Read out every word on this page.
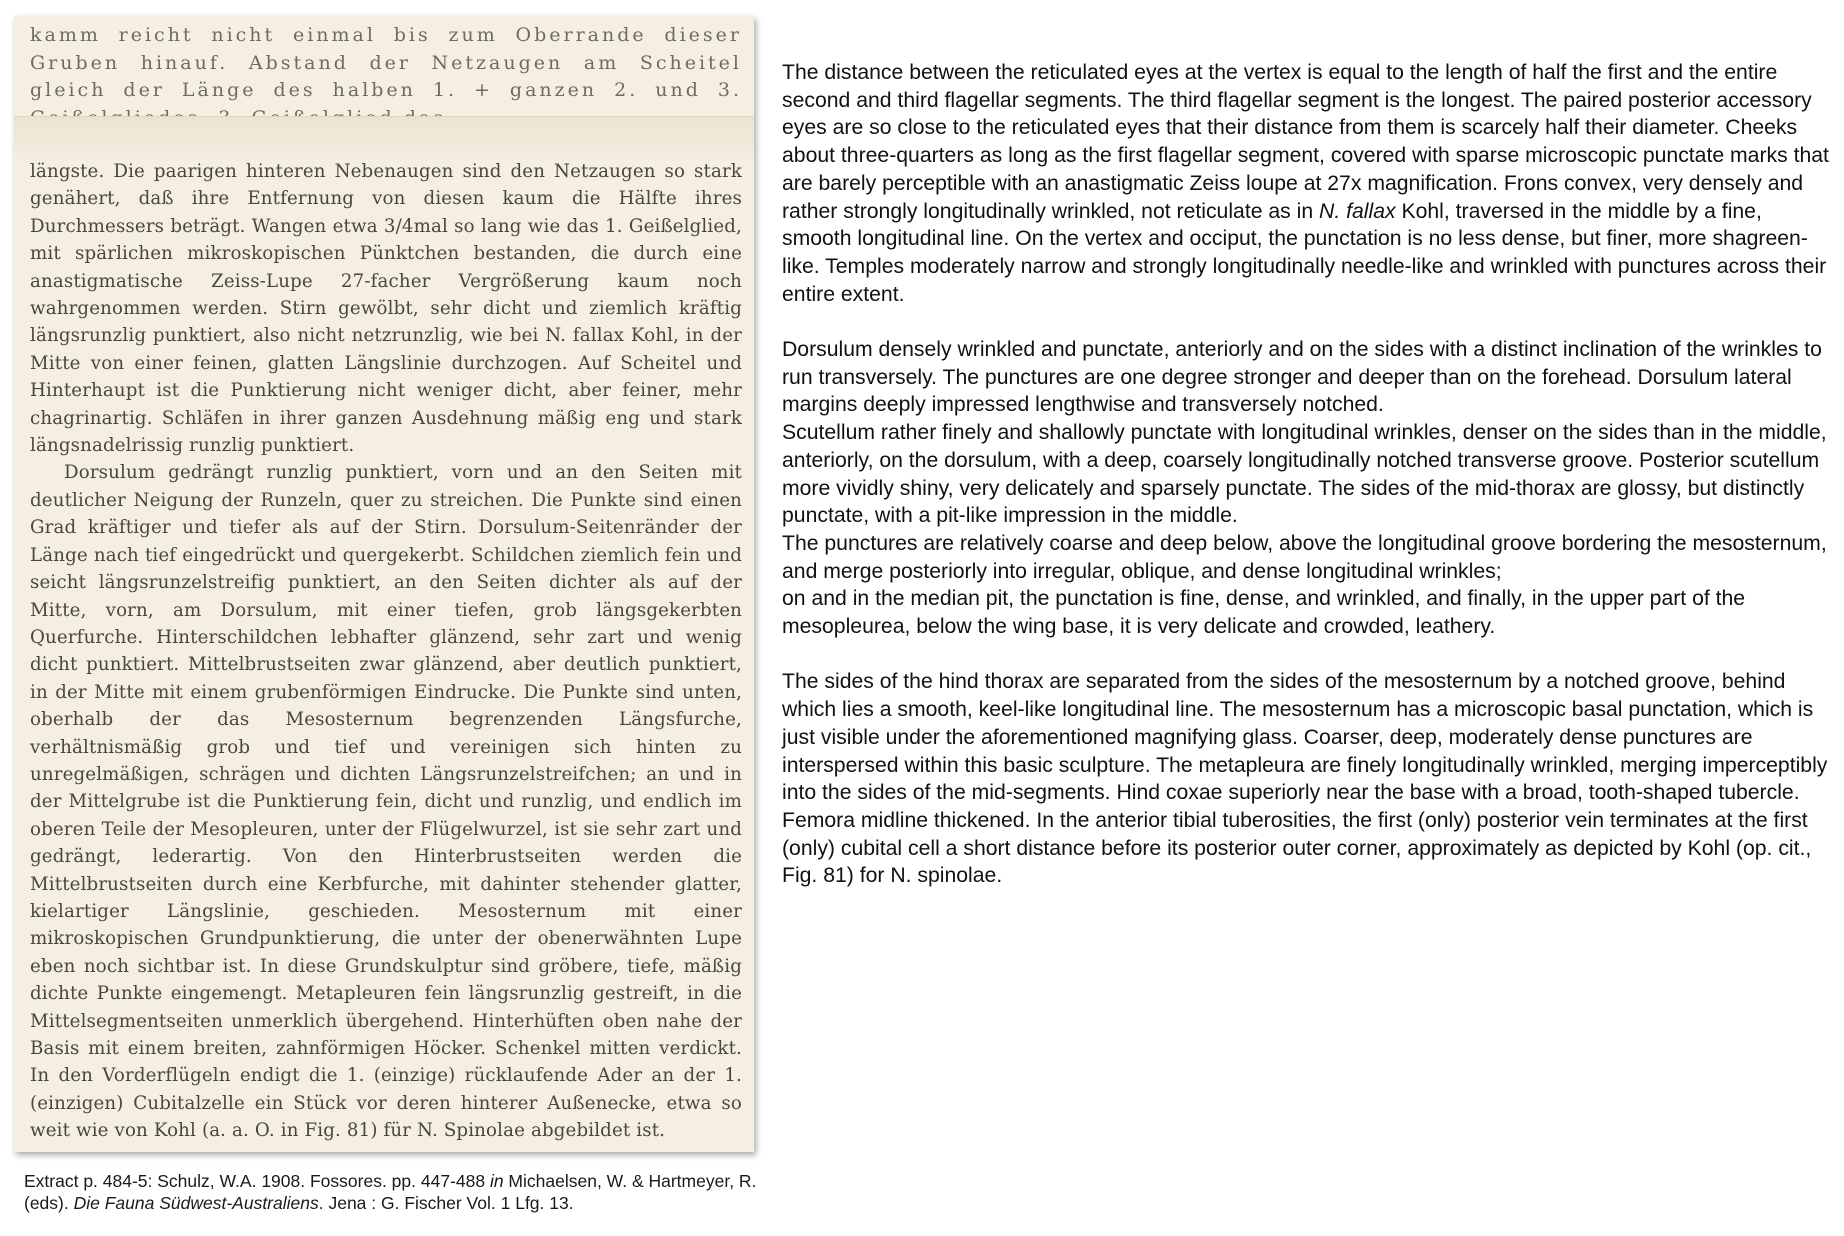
kamm reicht nicht einmal bis zum Oberrande dieser Gruben hinauf. Abstand der Netzaugen am Scheitel gleich der Länge des halben 1. + ganzen 2. und 3.

längste. Die paarigen hinteren Nebenaugen sind den Netzaugen so stark genähert, daß ihre Entfernung von diesen kaum die Hälfte ihres Durchmessers beträgt. Wangen etwa 3/4mal so lang wie das 1. Geißelglied, mit spärlichen mikroskopischen Pünktchen bestanden, die durch eine anastigmatische Zeiss-Lupe 27-facher Vergrößerung kaum noch wahrgenommen werden. Stirn gewölbt, sehr dicht und ziemlich kräftig längsrunzlig punktiert, also nicht netzrunzlig, wie bei N. fallax Kohl, in der Mitte von einer feinen, glatten Längslinie durchzogen. Auf Scheitel und Hinterhaupt ist die Punktierung nicht weniger dicht, aber feiner, mehr chagrinartig. Schläfen in ihrer ganzen Ausdehnung mäßig eng und stark längsnadelrissig runzlig punktiert.

Dorsulum gedrängt runzlig punktiert, vorn und an den Seiten mit deutlicher Neigung der Runzeln, quer zu streichen. Die Punkte sind einen Grad kräftiger und tiefer als auf der Stirn. Dorsulum-Seitenränder der Länge nach tief eingedrückt und quergekerbt. Schildchen ziemlich fein und seicht längsrunzelstreifig punktiert, an den Seiten dichter als auf der Mitte, vorn, am Dorsulum, mit einer tiefen, grob längsgekerbten Querfurche. Hinterschildchen lebhafter glänzend, sehr zart und wenig dicht punktiert. Mittelbrustseiten zwar glänzend, aber deutlich punktiert, in der Mitte mit einem grubenförmigen Eindrucke. Die Punkte sind unten, oberhalb der das Mesosternum begrenzenden Längsfurche, verhältnismäßig grob und tief und vereinigen sich hinten zu unregelmäßigen, schrägen und dichten Längsrunzelstreifchen; an und in der Mittelgrube ist die Punktierung fein, dicht und runzlig, und endlich im oberen Teile der Mesopleuren, unter der Flügelwurzel, ist sie sehr zart und gedrängt, lederartig. Von den Hinterbrustseiten werden die Mittelbrustseiten durch eine Kerbfurche, mit dahinter stehender glatter, kielartiger Längslinie, geschieden. Mesosternum mit einer mikroskopischen Grundpunktierung, die unter der obenerwähnten Lupe eben noch sichtbar ist. In diese Grundskulptur sind gröbere, tiefe, mäßig dichte Punkte eingemengt. Metapleuren fein längsrunzlig gestreift, in die Mittelsegmentseiten unmerklich übergehend. Hinterhüften oben nahe der Basis mit einem breiten, zahnförmigen Höcker. Schenkel mitten verdickt. In den Vorderflügeln endigt die 1. (einzige) rücklaufende Ader an der 1. (einzigen) Cubitalzelle ein Stück vor deren hinterer Außenecke, etwa so weit wie von Kohl (a. a. O. in Fig. 81) für N. Spinolae abgebildet ist.

Extract p. 484-5: Schulz, W.A. 1908. Fossores. pp. 447-488 in Michaelsen, W. & Hartmeyer, R. (eds). Die Fauna Südwest-Australiens. Jena : G. Fischer Vol. 1 Lfg. 13.

The distance between the reticulated eyes at the vertex is equal to the length of half the first and the entire second and third flagellar segments. The third flagellar segment is the longest. The paired posterior accessory eyes are so close to the reticulated eyes that their distance from them is scarcely half their diameter. Cheeks about three-quarters as long as the first flagellar segment, covered with sparse microscopic punctate marks that are barely perceptible with an anastigmatic Zeiss loupe at 27x magnification. Frons convex, very densely and rather strongly longitudinally wrinkled, not reticulate as in N. fallax Kohl, traversed in the middle by a fine, smooth longitudinal line. On the vertex and occiput, the punctation is no less dense, but finer, more shagreen-like. Temples moderately narrow and strongly longitudinally needle-like and wrinkled with punctures across their entire extent.

Dorsulum densely wrinkled and punctate, anteriorly and on the sides with a distinct inclination of the wrinkles to run transversely. The punctures are one degree stronger and deeper than on the forehead. Dorsulum lateral margins deeply impressed lengthwise and transversely notched.
Scutellum rather finely and shallowly punctate with longitudinal wrinkles, denser on the sides than in the middle, anteriorly, on the dorsulum, with a deep, coarsely longitudinally notched transverse groove. Posterior scutellum more vividly shiny, very delicately and sparsely punctate. The sides of the mid-thorax are glossy, but distinctly punctate, with a pit-like impression in the middle.
The punctures are relatively coarse and deep below, above the longitudinal groove bordering the mesosternum, and merge posteriorly into irregular, oblique, and dense longitudinal wrinkles;
on and in the median pit, the punctation is fine, dense, and wrinkled, and finally, in the upper part of the mesopleurea, below the wing base, it is very delicate and crowded, leathery.

The sides of the hind thorax are separated from the sides of the mesosternum by a notched groove, behind which lies a smooth, keel-like longitudinal line. The mesosternum has a microscopic basal punctation, which is just visible under the aforementioned magnifying glass. Coarser, deep, moderately dense punctures are interspersed within this basic sculpture. The metapleura are finely longitudinally wrinkled, merging imperceptibly into the sides of the mid-segments. Hind coxae superiorly near the base with a broad, tooth-shaped tubercle. Femora midline thickened. In the anterior tibial tuberosities, the first (only) posterior vein terminates at the first (only) cubital cell a short distance before its posterior outer corner, approximately as depicted by Kohl (op. cit., Fig. 81) for N. spinolae.
